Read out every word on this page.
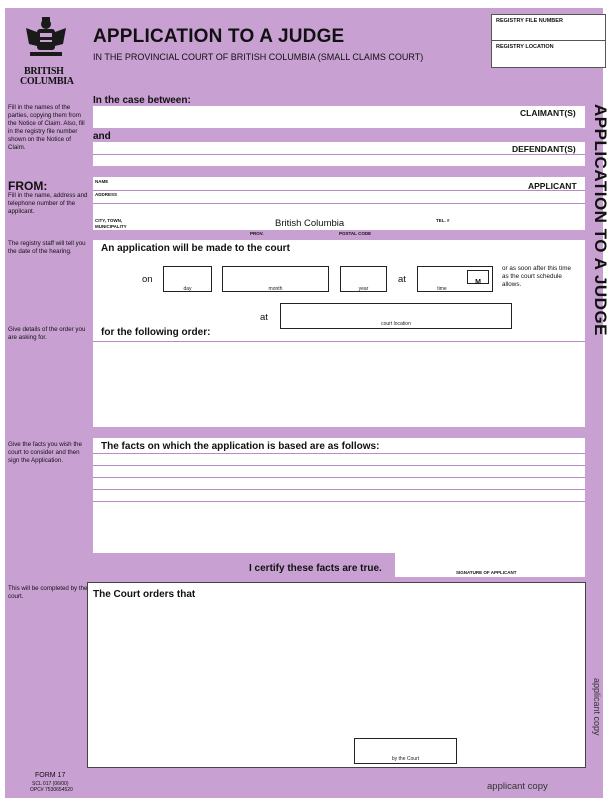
BRITISH
COLUMBIA
APPLICATION TO A JUDGE
IN THE PROVINCIAL COURT OF BRITISH COLUMBIA (SMALL CLAIMS COURT)
REGISTRY FILE NUMBER
REGISTRY LOCATION
APPLICATION TO A JUDGE
Fill in the names of the parties, copying them from the Notice of Claim. Also, fill in the registry file number shown on the Notice of Claim.
FROM:
Fill in the name, address and telephone number of the applicant.
The registry staff will tell you the date of the hearing.
Give details of the order you are asking for.
Give the facts you wish the court to consider and then sign the Application.
This will be completed by the court.
In the case between:
CLAIMANT(S)
and
DEFENDANT(S)
NAME	APPLICANT
ADDRESS
CITY, TOWN, MUNICIPALITY	British Columbia	TEL. #
PROV.	POSTAL CODE
An application will be made to the court
on
day	month	year
at	M
time
or as soon after this time as the court schedule allows.
at
court location
for the following order:
The facts on which the application is based are as follows:
I certify these facts are true.	SIGNATURE OF APPLICANT
The Court orders that
by the Court
applicant copy
FORM 17
SCL 017 (06/00)
OPC# 7530654520	applicant copy
